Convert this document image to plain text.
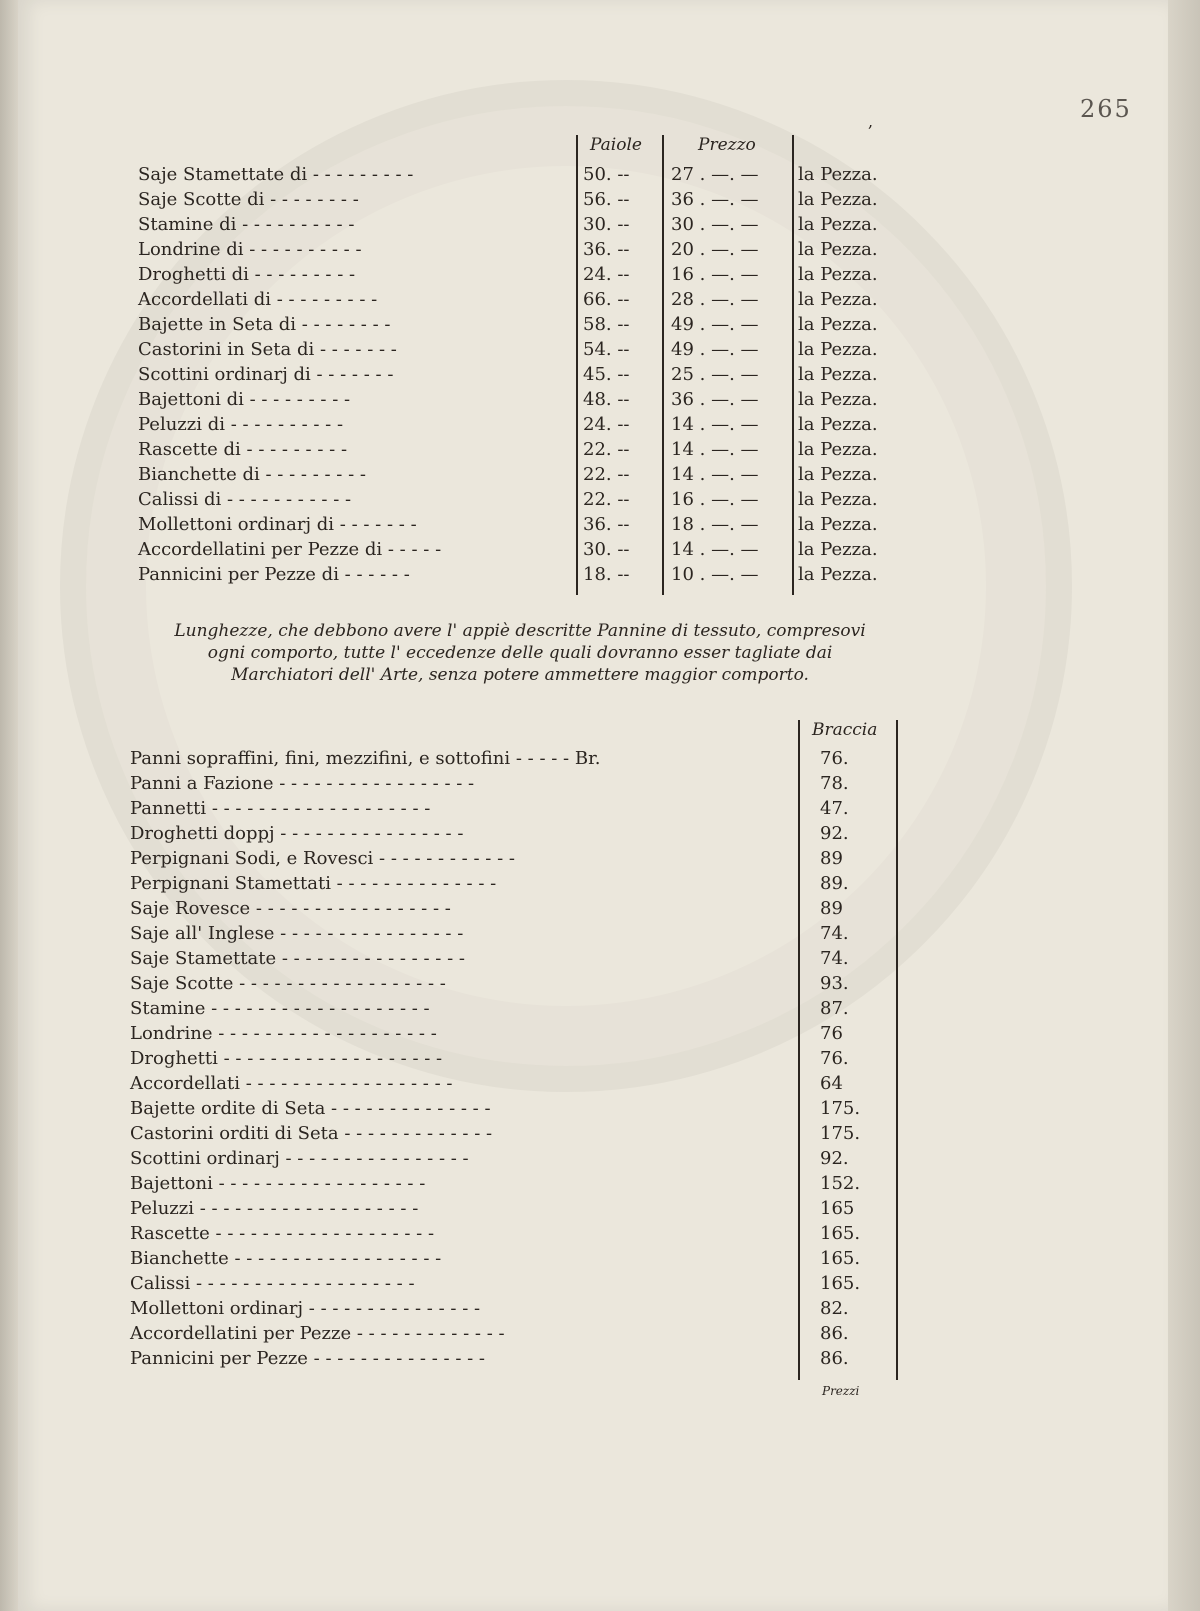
265
,
Paiole	Prezzo
Saje Stamettate di - - - - - - - - -	50. -- 27 . —. — la Pezza.
Saje Scotte di - - - - - - - -	56. -- 36 . —. — la Pezza.
Stamine di - - - - - - - - - -	30. -- 30 . —. — la Pezza.
Londrine di - - - - - - - - - -	36. -- 20 . —. — la Pezza.
Droghetti di - - - - - - - - -	24. -- 16 . —. — la Pezza.
Accordellati di - - - - - - - - -	66. -- 28 . —. — la Pezza.
Bajette in Seta di - - - - - - - -	58. -- 49 . —. — la Pezza.
Castorini in Seta di - - - - - - -	54. -- 49 . —. — la Pezza.
Scottini ordinarj di - - - - - - -	45. -- 25 . —. — la Pezza.
Bajettoni di - - - - - - - - -	48. -- 36 . —. — la Pezza.
Peluzzi di - - - - - - - - - -	24. -- 14 . —. — la Pezza.
Rascette di - - - - - - - - -	22. -- 14 . —. — la Pezza.
Bianchette di - - - - - - - - -	22. -- 14 . —. — la Pezza.
Calissi di - - - - - - - - - - -	22. -- 16 . —. — la Pezza.
Mollettoni ordinarj di - - - - - - -	36. -- 18 . —. — la Pezza.
Accordellatini per Pezze di - - - - -	30. -- 14 . —. — la Pezza.
Pannicini per Pezze di - - - - - -	18. -- 10 . —. — la Pezza.
Lunghezze, che debbono avere l' appiè descritte Pannine di tessuto, compresovi
ogni comporto, tutte l' eccedenze delle quali dovranno esser tagliate dai
Marchiatori dell' Arte, senza potere ammettere maggior comporto.
Braccia
Panni sopraffini, fini, mezzifini, e sottofini - - - - - Br.	76.
Panni a Fazione - - - - - - - - - - - - - - - - -	78.
Pannetti - - - - - - - - - - - - - - - - - - -	47.
Droghetti doppj - - - - - - - - - - - - - - - -	92.
Perpignani Sodi, e Rovesci - - - - - - - - - - - -	89
Perpignani Stamettati - - - - - - - - - - - - - -	89.
Saje Rovesce - - - - - - - - - - - - - - - - -	89
Saje all' Inglese - - - - - - - - - - - - - - - -	74.
Saje Stamettate - - - - - - - - - - - - - - - -	74.
Saje Scotte - - - - - - - - - - - - - - - - - -	93.
Stamine - - - - - - - - - - - - - - - - - - -	87.
Londrine - - - - - - - - - - - - - - - - - - -	76
Droghetti - - - - - - - - - - - - - - - - - - -	76.
Accordellati - - - - - - - - - - - - - - - - - -	64
Bajette ordite di Seta - - - - - - - - - - - - - -	175.
Castorini orditi di Seta - - - - - - - - - - - - -	175.
Scottini ordinarj - - - - - - - - - - - - - - - -	92.
Bajettoni - - - - - - - - - - - - - - - - - -	152.
Peluzzi - - - - - - - - - - - - - - - - - - -	165
Rascette - - - - - - - - - - - - - - - - - - -	165.
Bianchette - - - - - - - - - - - - - - - - - -	165.
Calissi - - - - - - - - - - - - - - - - - - -	165.
Mollettoni ordinarj - - - - - - - - - - - - - - -	82.
Accordellatini per Pezze - - - - - - - - - - - - -	86.
Pannicini per Pezze - - - - - - - - - - - - - - -	86.
Prezzi
